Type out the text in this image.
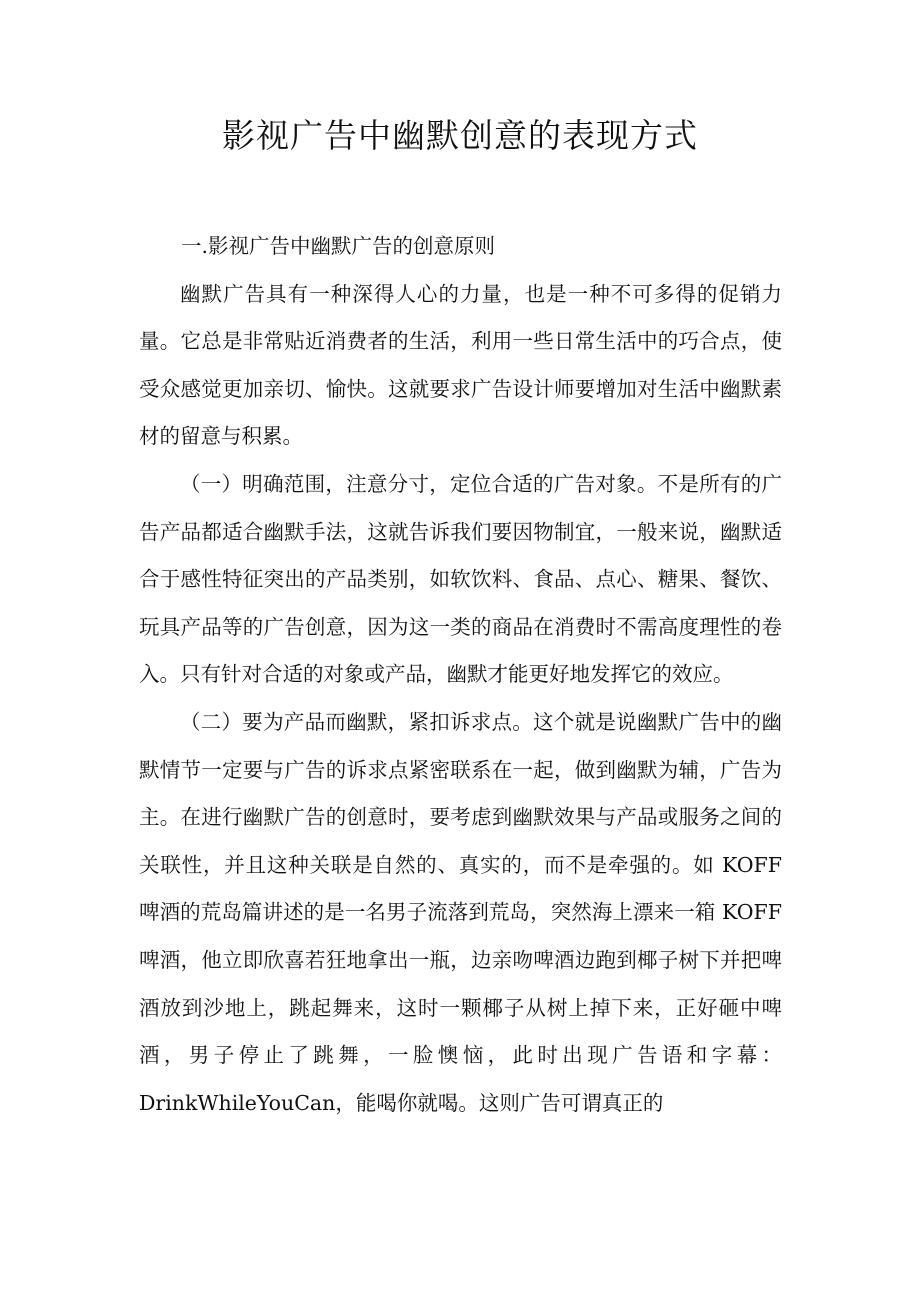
影视广告中幽默创意的表现方式

一.影视广告中幽默广告的创意原则

幽默广告具有一种深得人心的力量，也是一种不可多得的促销力量。它总是非常贴近消费者的生活，利用一些日常生活中的巧合点，使受众感觉更加亲切、愉快。这就要求广告设计师要增加对生活中幽默素材的留意与积累。

（一）明确范围，注意分寸，定位合适的广告对象。不是所有的广告产品都适合幽默手法，这就告诉我们要因物制宜，一般来说，幽默适合于感性特征突出的产品类别，如软饮料、食品、点心、糖果、餐饮、玩具产品等的广告创意，因为这一类的商品在消费时不需高度理性的卷入。只有针对合适的对象或产品，幽默才能更好地发挥它的效应。

（二）要为产品而幽默，紧扣诉求点。这个就是说幽默广告中的幽默情节一定要与广告的诉求点紧密联系在一起，做到幽默为辅，广告为主。在进行幽默广告的创意时，要考虑到幽默效果与产品或服务之间的关联性，并且这种关联是自然的、真实的，而不是牵强的。如 KOFF 啤酒的荒岛篇讲述的是一名男子流落到荒岛，突然海上漂来一箱 KOFF 啤酒，他立即欣喜若狂地拿出一瓶，边亲吻啤酒边跑到椰子树下并把啤酒放到沙地上，跳起舞来，这时一颗椰子从树上掉下来，正好砸中啤酒，男子停止了跳舞，一脸懊恼，此时出现广告语和字幕：DrinkWhileYouCan，能喝你就喝。这则广告可谓真正的
